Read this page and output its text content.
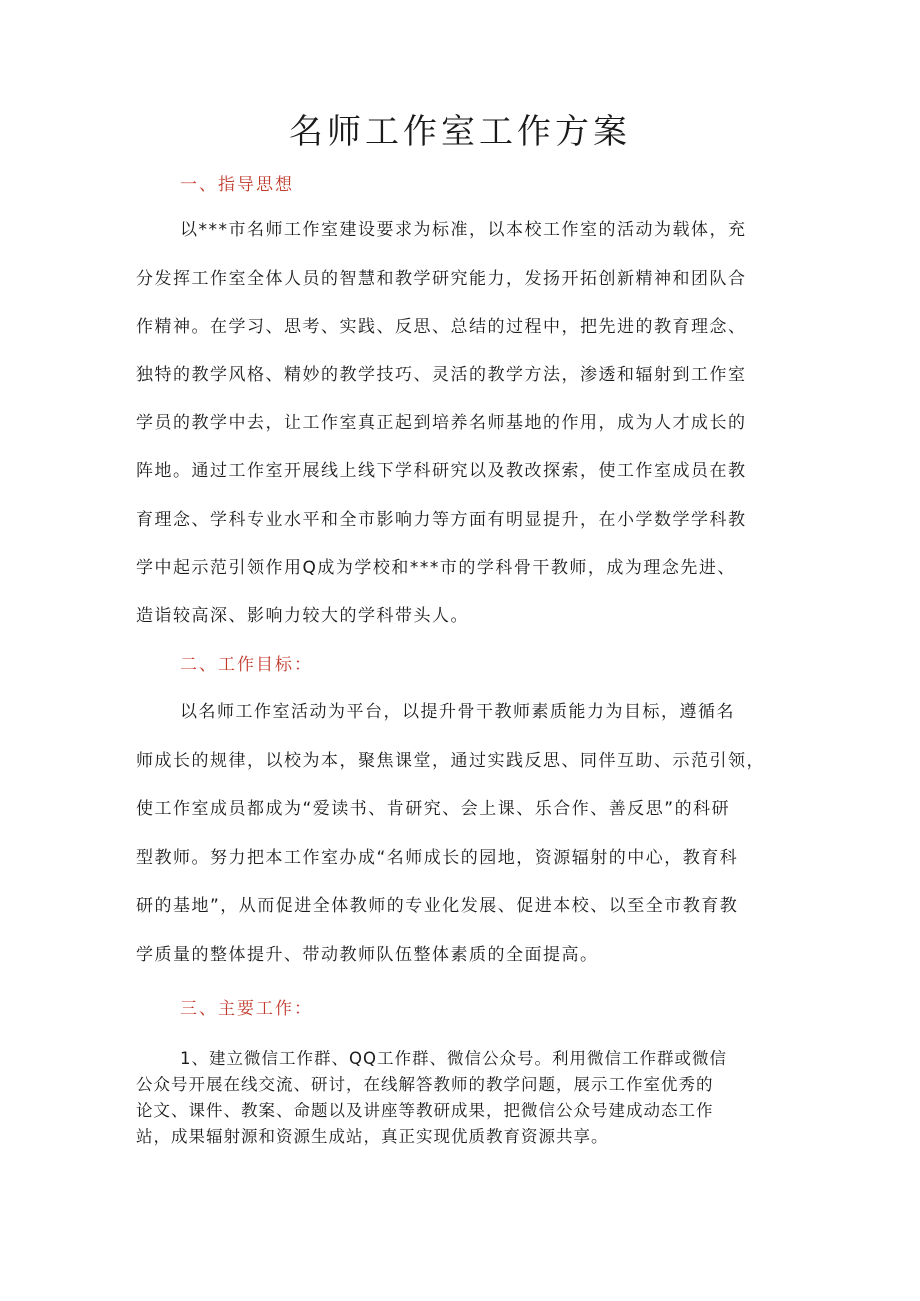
名师工作室工作方案
一、指导思想
以***市名师工作室建设要求为标准，以本校工作室的活动为载体，充
分发挥工作室全体人员的智慧和教学研究能力，发扬开拓创新精神和团队合
作精神。在学习、思考、实践、反思、总结的过程中，把先进的教育理念、
独特的教学风格、精妙的教学技巧、灵活的教学方法，渗透和辐射到工作室
学员的教学中去，让工作室真正起到培养名师基地的作用，成为人才成长的
阵地。通过工作室开展线上线下学科研究以及教改探索，使工作室成员在教
育理念、学科专业水平和全市影响力等方面有明显提升，在小学数学学科教
学中起示范引领作用Q成为学校和***市的学科骨干教师，成为理念先进、
造诣较高深、影响力较大的学科带头人。
二、工作目标：
以名师工作室活动为平台，以提升骨干教师素质能力为目标，遵循名
师成长的规律，以校为本，聚焦课堂，通过实践反思、同伴互助、示范引领，
使工作室成员都成为“爱读书、肯研究、会上课、乐合作、善反思”的科研
型教师。努力把本工作室办成“名师成长的园地，资源辐射的中心，教育科
研的基地”，从而促进全体教师的专业化发展、促进本校、以至全市教育教
学质量的整体提升、带动教师队伍整体素质的全面提高。
三、主要工作：
1、建立微信工作群、QQ工作群、微信公众号。利用微信工作群或微信
公众号开展在线交流、研讨，在线解答教师的教学问题，展示工作室优秀的
论文、课件、教案、命题以及讲座等教研成果，把微信公众号建成动态工作
站，成果辐射源和资源生成站，真正实现优质教育资源共享。
